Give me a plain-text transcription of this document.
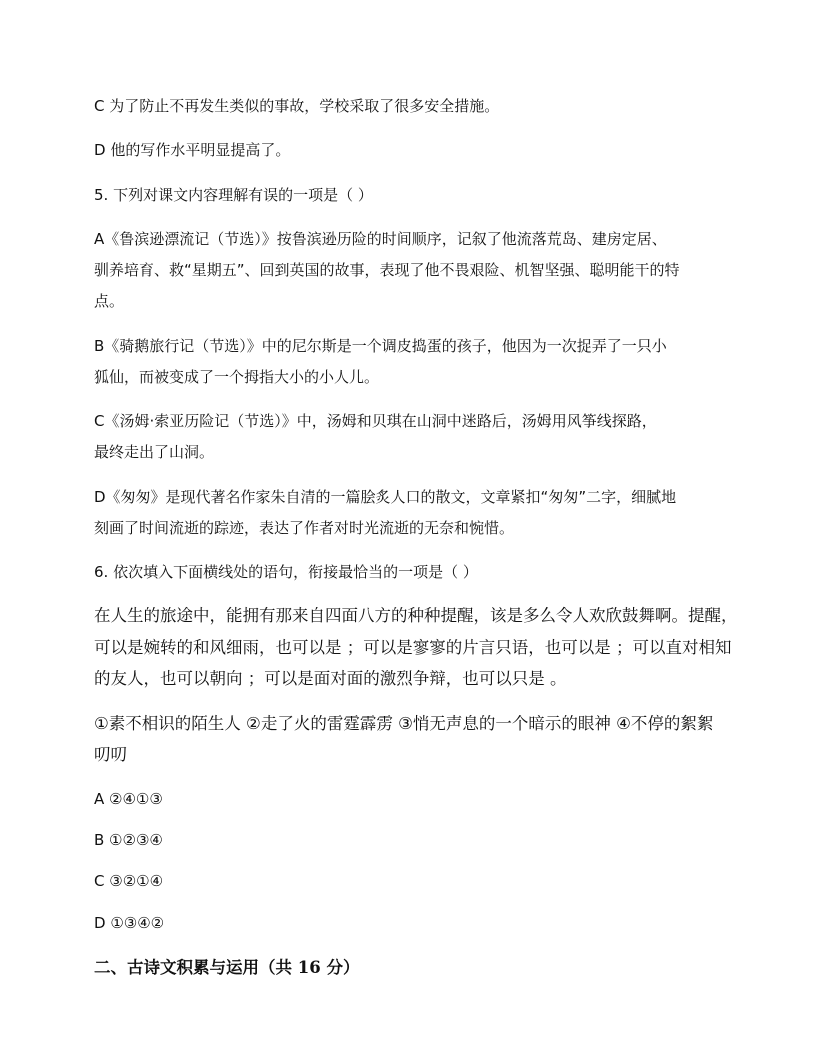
C 为了防止不再发生类似的事故，学校采取了很多安全措施。
D 他的写作水平明显提高了。
5. 下列对课文内容理解有误的一项是（ ）
A《鲁滨逊漂流记（节选）》按鲁滨逊历险的时间顺序，记叙了他流落荒岛、建房定居、
驯养培育、救“星期五”、回到英国的故事，表现了他不畏艰险、机智坚强、聪明能干的特
点。
B《骑鹅旅行记（节选）》中的尼尔斯是一个调皮捣蛋的孩子，他因为一次捉弄了一只小
狐仙，而被变成了一个拇指大小的小人儿。
C《汤姆·索亚历险记（节选）》中，汤姆和贝琪在山洞中迷路后，汤姆用风筝线探路，
最终走出了山洞。
D《匆匆》是现代著名作家朱自清的一篇脍炙人口的散文，文章紧扣“匆匆”二字，细腻地
刻画了时间流逝的踪迹，表达了作者对时光流逝的无奈和惋惜。
6. 依次填入下面横线处的语句，衔接最恰当的一项是（ ）
在人生的旅途中，能拥有那来自四面八方的种种提醒，该是多么令人欢欣鼓舞啊。提醒，
可以是婉转的和风细雨，也可以是 ；可以是寥寥的片言只语，也可以是 ；可以直对相知
的友人，也可以朝向 ；可以是面对面的激烈争辩，也可以只是 。
①素不相识的陌生人 ②走了火的雷霆霹雳 ③悄无声息的一个暗示的眼神 ④不停的絮絮
叨叨
A ②④①③
B ①②③④
C ③②①④
D ①③④②
二、古诗文积累与运用（共 16 分）
